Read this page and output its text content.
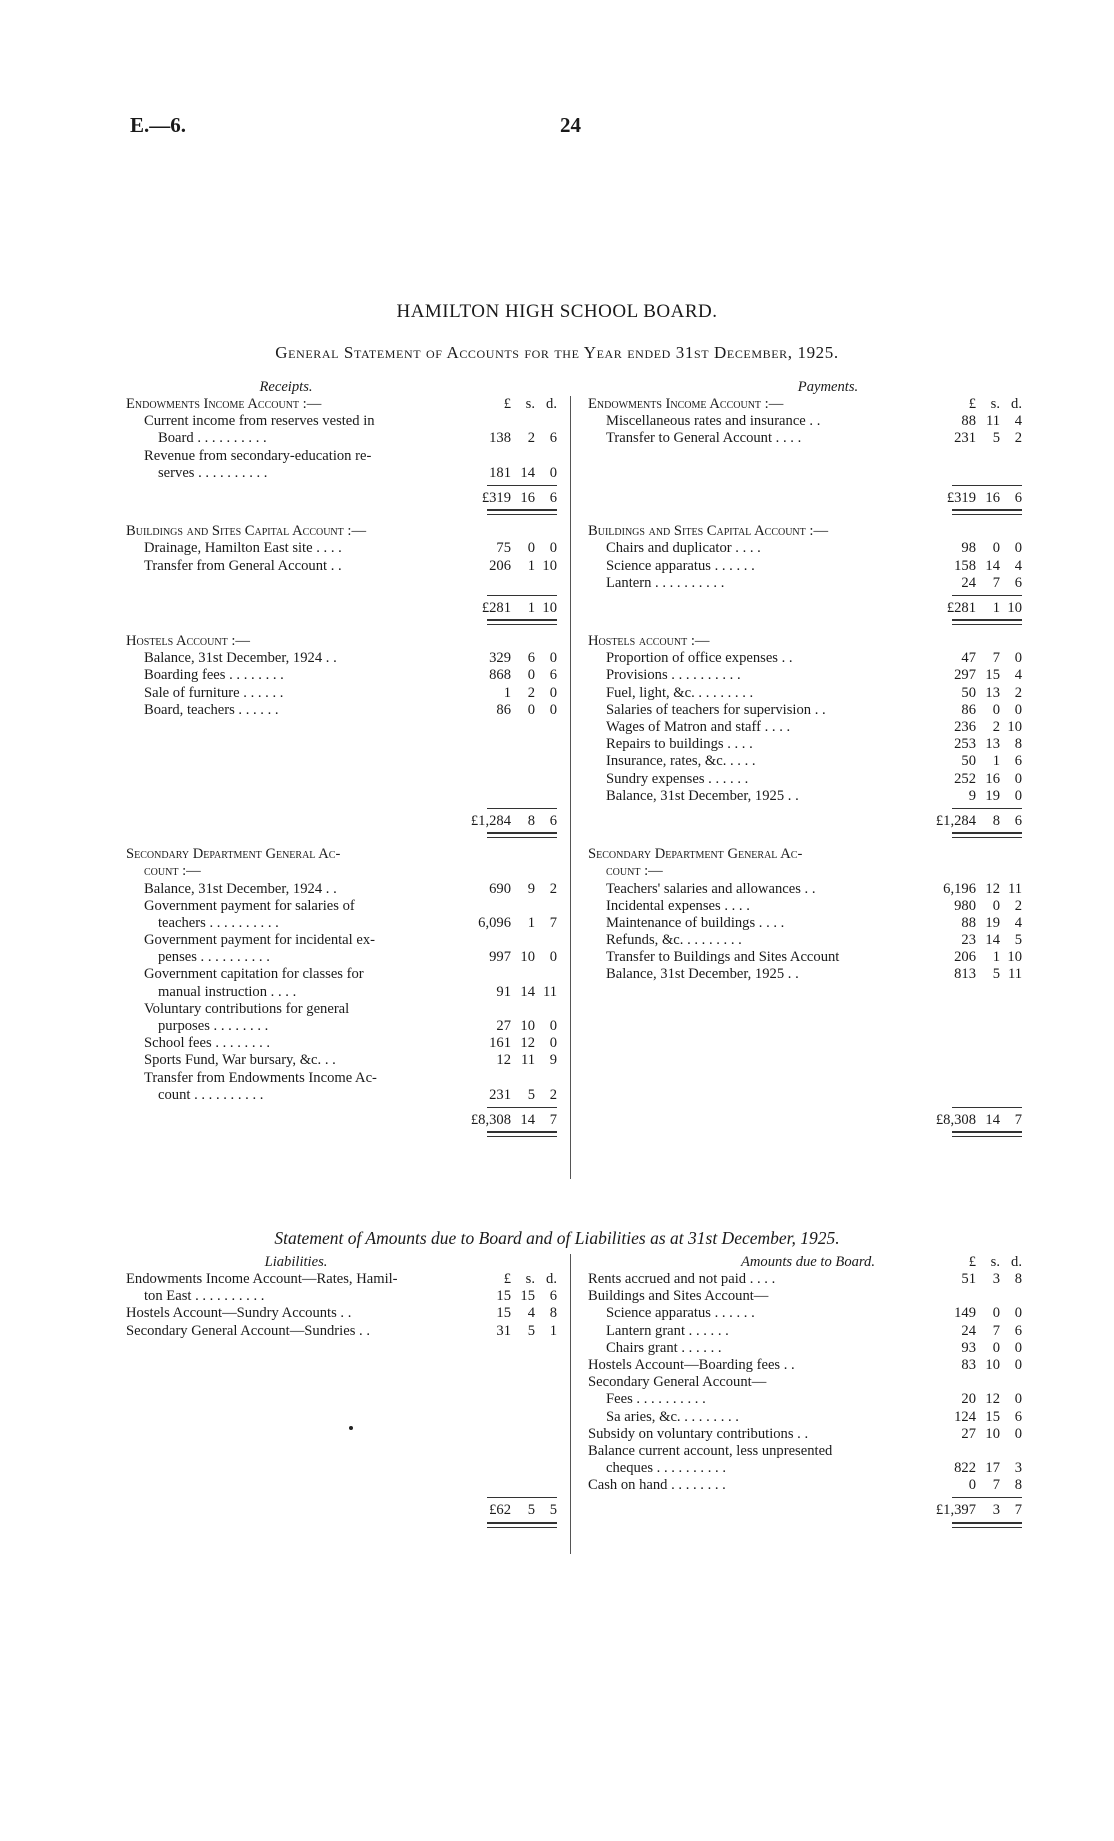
E.—6.	24
HAMILTON HIGH SCHOOL BOARD.
General Statement of Accounts for the Year ended 31st December, 1925.
Receipts.
£	s. d.
Endowments Income Account :—
Current income from reserves vested in
Board . . . . . . . . . .	138	2	6
Revenue from secondary-education re-
serves . . . . . . . . . .	181 14	0
£319 16	6
Buildings and Sites Capital Account :—
Drainage, Hamilton East site . . . .	75	0	0
Transfer from General Account . .	206	1 10
£281	1 10
Hostels Account :—
Balance, 31st December, 1924 . .	329	6	0
Boarding fees . . . . . . . .	868	0	6
Sale of furniture . . . . . .	1	2	0
Board, teachers . . . . . .	86	0	0
£1,284	8	6
Secondary Department General Ac-
count :—
Balance, 31st December, 1924 . .	690	9	2
Government payment for salaries of
teachers . . . . . . . . . .	6,096	1	7
Government payment for incidental ex-
penses . . . . . . . . . .	997 10	0
Government capitation for classes for
manual instruction . . . .	91 14 11
Voluntary contributions for general
purposes . . . . . . . .	27 10	0
School fees . . . . . . . .	161 12	0
Sports Fund, War bursary, &c. . .	12 11	9
Transfer from Endowments Income Ac-
count . . . . . . . . . .	231	5	2
£8,308 14	7
Payments.
£	s. d.
Endowments Income Account :—
Miscellaneous rates and insurance . .	88 11	4
Transfer to General Account . . . .	231	5	2
£319 16	6
Buildings and Sites Capital Account :—
Chairs and duplicator . . . .	98	0	0
Science apparatus . . . . . .	158 14	4
Lantern . . . . . . . . . .	24	7	6
£281	1 10
Hostels account :—
Proportion of office expenses . .	47	7	0
Provisions . . . . . . . . . .	297 15	4
Fuel, light, &c. . . . . . . . .	50 13	2
Salaries of teachers for supervision . .	86	0	0
Wages of Matron and staff . . . .	236	2 10
Repairs to buildings . . . .	253 13	8
Insurance, rates, &c. . . . .	50	1	6
Sundry expenses . . . . . .	252 16	0
Balance, 31st December, 1925 . .	9 19	0
£1,284	8	6
Secondary Department General Ac-
count :—
Teachers' salaries and allowances . .	6,196 12 11
Incidental expenses . . . .	980	0	2
Maintenance of buildings . . . .	88 19	4
Refunds, &c. . . . . . . . .	23 14	5
Transfer to Buildings and Sites Account	206	1 10
Balance, 31st December, 1925 . .	813	5 11
£8,308 14	7
Statement of Amounts due to Board and of Liabilities as at 31st December, 1925.
Liabilities.
£	s. d.
Endowments Income Account—Rates, Hamil-
ton East . . . . . . . . . .	15 15	6
Hostels Account—Sundry Accounts . .	15	4	8
Secondary General Account—Sundries . .	31	5	1
£62	5	5
Amounts due to Board.	£	s. d.
Rents accrued and not paid . . . .	51	3	8
Buildings and Sites Account—
Science apparatus . . . . . .	149	0	0
Lantern grant . . . . . .	24	7	6
Chairs grant . . . . . .	93	0	0
Hostels Account—Boarding fees . .	83 10	0
Secondary General Account—
Fees . . . . . . . . . .	20 12	0
Sa aries, &c. . . . . . . . .	124 15	6
Subsidy on voluntary contributions . .	27 10	0
Balance current account, less unpresented
cheques . . . . . . . . . .	822 17	3
Cash on hand . . . . . . . .	0	7	8
£1,397	3	7
